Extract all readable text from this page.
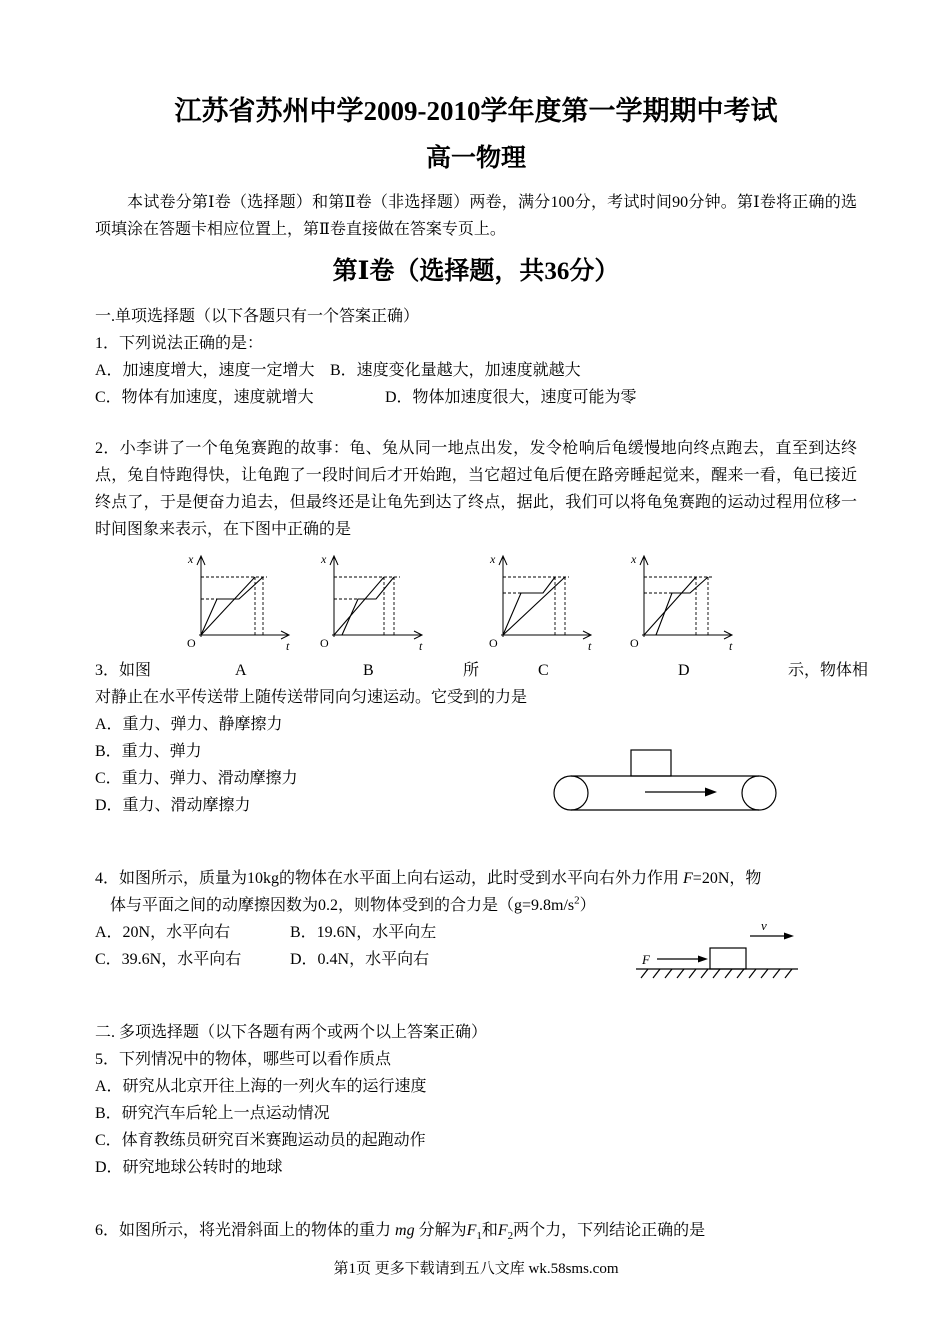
江苏省苏州中学2009-2010学年度第一学期期中考试
高一物理
本试卷分第Ⅰ卷（选择题）和第Ⅱ卷（非选择题）两卷，满分100分，考试时间90分钟。第Ⅰ卷将正确的选项填涂在答题卡相应位置上，第Ⅱ卷直接做在答案专页上。
第Ⅰ卷（选择题，共36分）
一.单项选择题（以下各题只有一个答案正确）
1．下列说法正确的是：
A．加速度增大，速度一定增大 B．速度变化量越大，加速度就越大
C．物体有加速度，速度就增大	D．物体加速度很大，速度可能为零
2．小李讲了一个龟兔赛跑的故事：龟、兔从同一地点出发，发令枪响后龟缓慢地向终点跑去，直至到达终点，兔自恃跑得快，让龟跑了一段时间后才开始跑，当它超过龟后便在路旁睡起觉来，醒来一看，龟已接近终点了，于是便奋力追去，但最终还是让龟先到达了终点，据此，我们可以将龟兔赛跑的运动过程用位移一时间图象来表示，在下图中正确的是
x
t
O
x
t
O
x
t
O
x
t
O
3．如图	A	B	所	C	D	示，物体相
对静止在水平传送带上随传送带同向匀速运动。它受到的力是
A．重力、弹力、静摩擦力
B．重力、弹力
C．重力、弹力、滑动摩擦力
D．重力、滑动摩擦力
4．如图所示，质量为10kg的物体在水平面上向右运动，此时受到水平向右外力作用 F=20N，物
体与平面之间的动摩擦因数为0.2，则物体受到的合力是$(g=9.8m/s^2)$
A．20N，水平向右	B．19.6N，水平向左
C．39.6N，水平向右	D．0.4N，水平向右
v
F
二. 多项选择题（以下各题有两个或两个以上答案正确）
5．下列情况中的物体，哪些可以看作质点
A．研究从北京开往上海的一列火车的运行速度
B．研究汽车后轮上一点运动情况
C．体育教练员研究百米赛跑运动员的起跑动作
D．研究地球公转时的地球
6．如图所示，将光滑斜面上的物体的重力 mg 分解为$F_1$和$F_2$两个力，下列结论正确的是
第1页 更多下载请到五八文库 wk.58sms.com
